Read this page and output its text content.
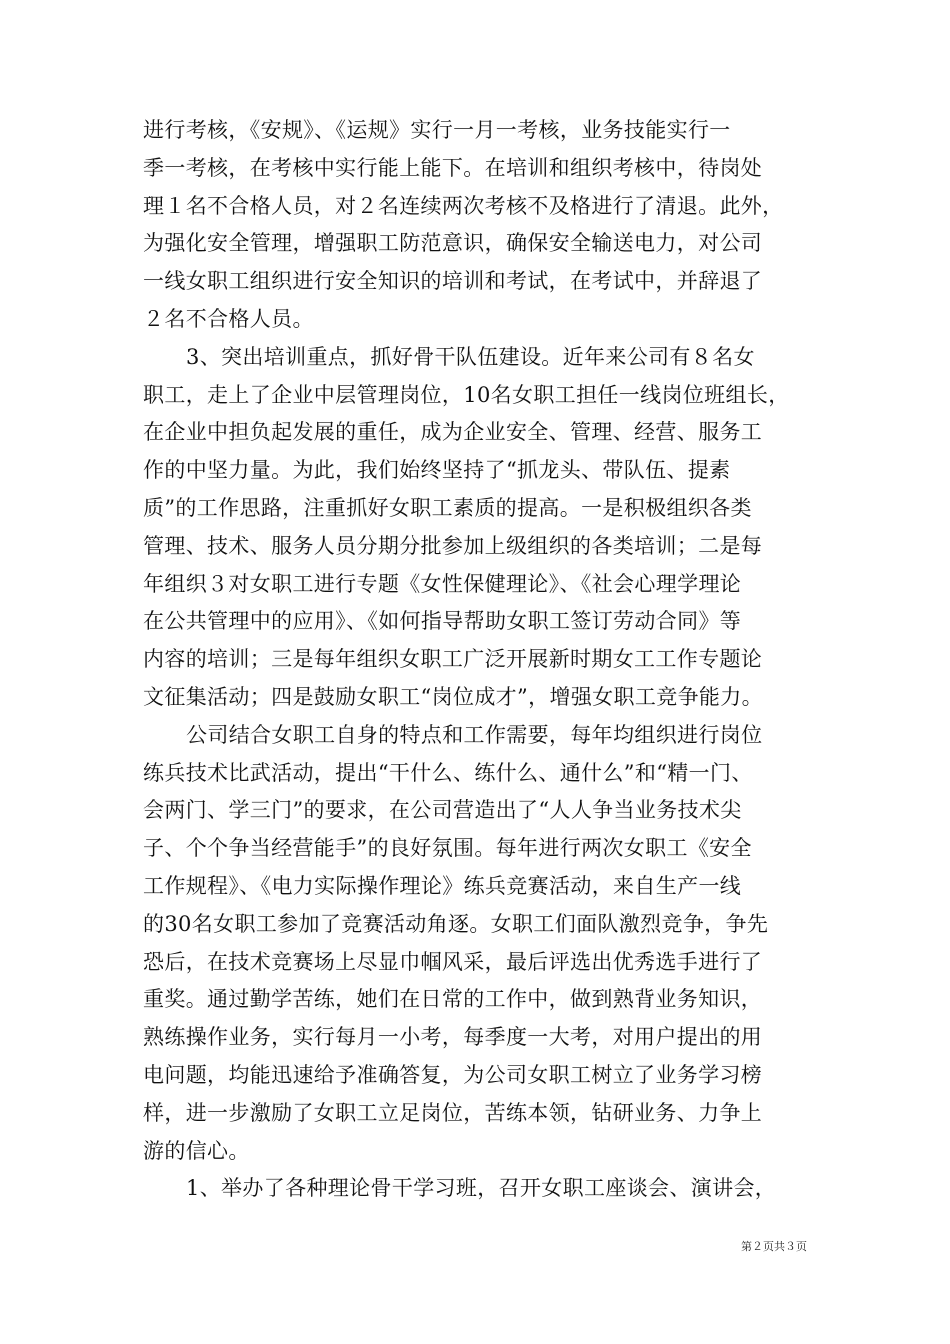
进行考核，《安规》、《运规》实行一月一考核，业务技能实行一
季一考核，在考核中实行能上能下。在培训和组织考核中，待岗处
理１名不合格人员，对２名连续两次考核不及格进行了清退。此外，
为强化安全管理，增强职工防范意识，确保安全输送电力，对公司
一线女职工组织进行安全知识的培训和考试，在考试中，并辞退了
２名不合格人员。
3、突出培训重点，抓好骨干队伍建设。近年来公司有８名女
职工，走上了企业中层管理岗位，10名女职工担任一线岗位班组长，
在企业中担负起发展的重任，成为企业安全、管理、经营、服务工
作的中坚力量。为此，我们始终坚持了“抓龙头、带队伍、提素
质”的工作思路，注重抓好女职工素质的提高。一是积极组织各类
管理、技术、服务人员分期分批参加上级组织的各类培训；二是每
年组织３对女职工进行专题《女性保健理论》、《社会心理学理论
在公共管理中的应用》、《如何指导帮助女职工签订劳动合同》等
内容的培训；三是每年组织女职工广泛开展新时期女工工作专题论
文征集活动；四是鼓励女职工“岗位成才”，增强女职工竞争能力。
公司结合女职工自身的特点和工作需要，每年均组织进行岗位
练兵技术比武活动，提出“干什么、练什么、通什么”和“精一门、
会两门、学三门”的要求，在公司营造出了“人人争当业务技术尖
子、个个争当经营能手”的良好氛围。每年进行两次女职工《安全
工作规程》、《电力实际操作理论》练兵竞赛活动，来自生产一线
的30名女职工参加了竞赛活动角逐。女职工们面队激烈竞争，争先
恐后，在技术竞赛场上尽显巾帼风采，最后评选出优秀选手进行了
重奖。通过勤学苦练，她们在日常的工作中，做到熟背业务知识，
熟练操作业务，实行每月一小考，每季度一大考，对用户提出的用
电问题，均能迅速给予准确答复，为公司女职工树立了业务学习榜
样，进一步激励了女职工立足岗位，苦练本领，钻研业务、力争上
游的信心。
1、举办了各种理论骨干学习班，召开女职工座谈会、演讲会，
第２页共３页
